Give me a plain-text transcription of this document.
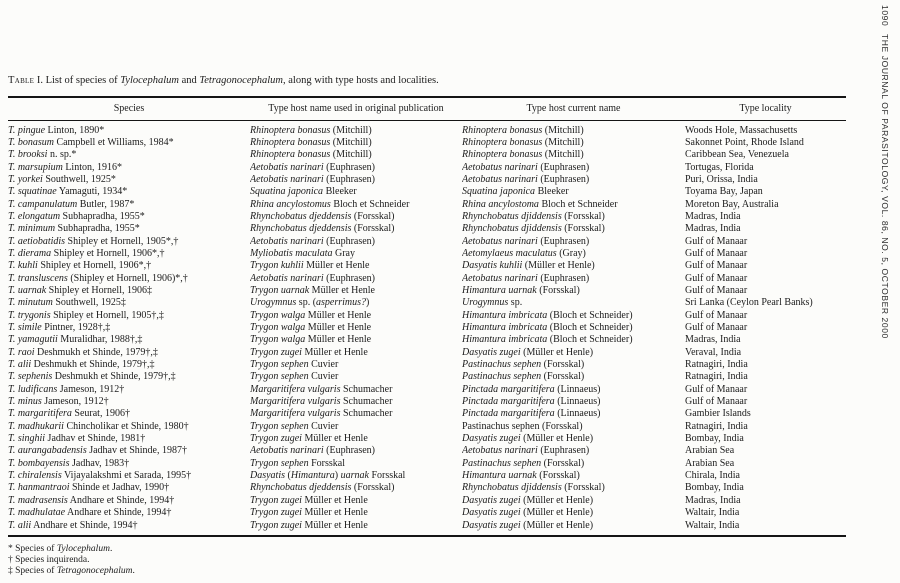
1090
THE JOURNAL OF PARASITOLOGY, VOL. 86, NO. 5, OCTOBER 2000
Table I. List of species of Tylocephalum and Tetragonocephalum, along with type hosts and localities.
Species	Type host name used in original publication	Type host current name	Type locality
T. pingue Linton, 1890*	Rhinoptera bonasus (Mitchill)	Rhinoptera bonasus (Mitchill)	Woods Hole, Massachusetts
T. bonasum Campbell et Williams, 1984*	Rhinoptera bonasus (Mitchill)	Rhinoptera bonasus (Mitchill)	Sakonnet Point, Rhode Island
T. brooksi n. sp.*	Rhinoptera bonasus (Mitchill)	Rhinoptera bonasus (Mitchill)	Caribbean Sea, Venezuela
T. marsupium Linton, 1916*	Aetobatis narinari (Euphrasen)	Aetobatus narinari (Euphrasen)	Tortugas, Florida
T. yorkei Southwell, 1925*	Aetobatis narinari (Euphrasen)	Aetobatus narinari (Euphrasen)	Puri, Orissa, India
T. squatinae Yamaguti, 1934*	Squatina japonica Bleeker	Squatina japonica Bleeker	Toyama Bay, Japan
T. campanulatum Butler, 1987*	Rhina ancylostomus Bloch et Schneider	Rhina ancylostoma Bloch et Schneider	Moreton Bay, Australia
T. elongatum Subhapradha, 1955*	Rhynchobatus djeddensis (Forsskal)	Rhynchobatus djiddensis (Forsskal)	Madras, India
T. minimum Subhapradha, 1955*	Rhynchobatus djeddensis (Forsskal)	Rhynchobatus djiddensis (Forsskal)	Madras, India
T. aetiobatidis Shipley et Hornell, 1905*,†	Aetobatis narinari (Euphrasen)	Aetobatus narinari (Euphrasen)	Gulf of Manaar
T. dierama Shipley et Hornell, 1906*,†	Myliobatis maculata Gray	Aetomylaeus maculatus (Gray)	Gulf of Manaar
T. kuhli Shipley et Hornell, 1906*,†	Trygon kuhlii Müller et Henle	Dasyatis kuhlii (Müller et Henle)	Gulf of Manaar
T. transluscens (Shipley et Hornell, 1906)*,†	Aetobatis narinari (Euphrasen)	Aetobatus narinari (Euphrasen)	Gulf of Manaar
T. uarnak Shipley et Hornell, 1906‡	Trygon uarnak Müller et Henle	Himantura uarnak (Forsskal)	Gulf of Manaar
T. minutum Southwell, 1925‡	Urogymnus sp. (asperrimus?)	Urogymnus sp.	Sri Lanka (Ceylon Pearl Banks)
T. trygonis Shipley et Hornell, 1905†,‡	Trygon walga Müller et Henle	Himantura imbricata (Bloch et Schneider)	Gulf of Manaar
T. simile Pintner, 1928†,‡	Trygon walga Müller et Henle	Himantura imbricata (Bloch et Schneider)	Gulf of Manaar
T. yamagutii Muralidhar, 1988†,‡	Trygon walga Müller et Henle	Himantura imbricata (Bloch et Schneider)	Madras, India
T. raoi Deshmukh et Shinde, 1979†,‡	Trygon zugei Müller et Henle	Dasyatis zugei (Müller et Henle)	Veraval, India
T. alii Deshmukh et Shinde, 1979†,‡	Trygon sephen Cuvier	Pastinachus sephen (Forsskal)	Ratnagiri, India
T. sephenis Deshmukh et Shinde, 1979†,‡	Trygon sephen Cuvier	Pastinachus sephen (Forsskal)	Ratnagiri, India
T. ludificans Jameson, 1912†	Margaritifera vulgaris Schumacher	Pinctada margaritifera (Linnaeus)	Gulf of Manaar
T. minus Jameson, 1912†	Margaritifera vulgaris Schumacher	Pinctada margaritifera (Linnaeus)	Gulf of Manaar
T. margaritifera Seurat, 1906†	Margaritifera vulgaris Schumacher	Pinctada margaritifera (Linnaeus)	Gambier Islands
T. madhukarii Chincholikar et Shinde, 1980†	Trygon sephen Cuvier	Pastinachus sephen (Forsskal)	Ratnagiri, India
T. singhii Jadhav et Shinde, 1981†	Trygon zugei Müller et Henle	Dasyatis zugei (Müller et Henle)	Bombay, India
T. aurangabadensis Jadhav et Shinde, 1987†	Aetobatis narinari (Euphrasen)	Aetobatus narinari (Euphrasen)	Arabian Sea
T. bombayensis Jadhav, 1983†	Trygon sephen Forsskal	Pastinachus sephen (Forsskal)	Arabian Sea
T. chiralensis Vijayalakshmi et Sarada, 1995†	Dasyatis (Himantura) uarnak Forsskal	Himantura uarnak (Forsskal)	Chirala, India
T. hanmantraoi Shinde et Jadhav, 1990†	Rhynchobatus djeddensis (Forsskal)	Rhynchobatus djiddensis (Forsskal)	Bombay, India
T. madrasensis Andhare et Shinde, 1994†	Trygon zugei Müller et Henle	Dasyatis zugei (Müller et Henle)	Madras, India
T. madhulatae Andhare et Shinde, 1994†	Trygon zugei Müller et Henle	Dasyatis zugei (Müller et Henle)	Waltair, India
T. alii Andhare et Shinde, 1994†	Trygon zugei Müller et Henle	Dasyatis zugei (Müller et Henle)	Waltair, India
* Species of Tylocephalum.
† Species inquirenda.
‡ Species of Tetragonocephalum.
